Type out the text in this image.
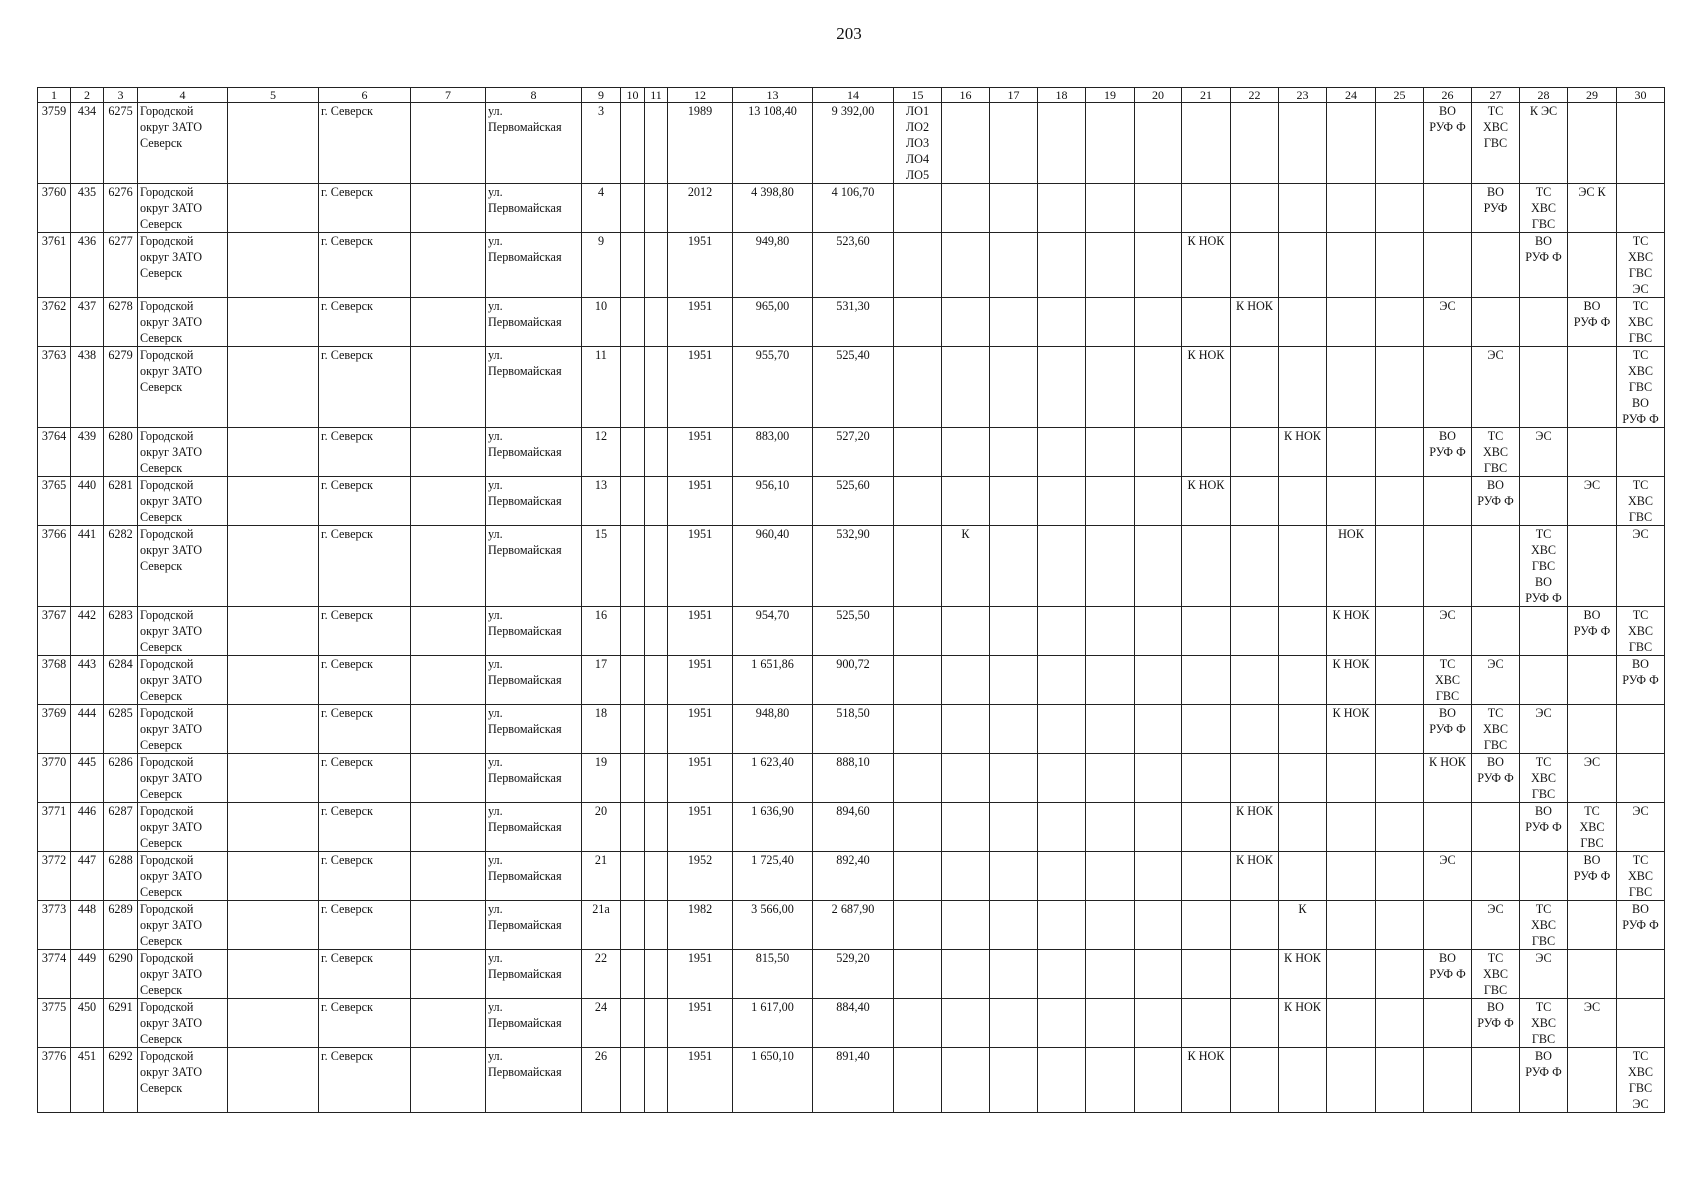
203
1	2	3	4	5	6	7	8	9	10	11	12	13	14	15	16	17	18	19	20	21	22	23	24	25	26	27	28	29	30
3759	434	6275	Городской
округ ЗАТО
Северск		г. Северск		ул.
Первомайская	3			1989	13 108,40	9 392,00	ЛО1
ЛО2
ЛО3
ЛО4
ЛО5											ВО
РУФ Ф	ТС
ХВС
ГВС	К ЭС		
3760	435	6276	Городской
округ ЗАТО
Северск		г. Северск		ул.
Первомайская	4			2012	4 398,80	4 106,70													ВО
РУФ	ТС
ХВС
ГВС	ЭС К	
3761	436	6277	Городской
округ ЗАТО
Северск		г. Северск		ул.
Первомайская	9			1951	949,80	523,60							К НОК							ВО
РУФ Ф		ТС
ХВС
ГВС
ЭС
3762	437	6278	Городской
округ ЗАТО
Северск		г. Северск		ул.
Первомайская	10			1951	965,00	531,30								К НОК				ЭС			ВО
РУФ Ф	ТС
ХВС
ГВС
3763	438	6279	Городской
округ ЗАТО
Северск		г. Северск		ул.
Первомайская	11			1951	955,70	525,40							К НОК						ЭС			ТС
ХВС
ГВС
ВО
РУФ Ф
3764	439	6280	Городской
округ ЗАТО
Северск		г. Северск		ул.
Первомайская	12			1951	883,00	527,20									К НОК			ВО
РУФ Ф	ТС
ХВС
ГВС	ЭС		
3765	440	6281	Городской
округ ЗАТО
Северск		г. Северск		ул.
Первомайская	13			1951	956,10	525,60							К НОК						ВО
РУФ Ф		ЭС	ТС
ХВС
ГВС
3766	441	6282	Городской
округ ЗАТО
Северск		г. Северск		ул.
Первомайская	15			1951	960,40	532,90		К								НОК				ТС
ХВС
ГВС
ВО
РУФ Ф		ЭС
3767	442	6283	Городской
округ ЗАТО
Северск		г. Северск		ул.
Первомайская	16			1951	954,70	525,50										К НОК		ЭС			ВО
РУФ Ф	ТС
ХВС
ГВС
3768	443	6284	Городской
округ ЗАТО
Северск		г. Северск		ул.
Первомайская	17			1951	1 651,86	900,72										К НОК		ТС
ХВС
ГВС	ЭС			ВО
РУФ Ф
3769	444	6285	Городской
округ ЗАТО
Северск		г. Северск		ул.
Первомайская	18			1951	948,80	518,50										К НОК		ВО
РУФ Ф	ТС
ХВС
ГВС	ЭС		
3770	445	6286	Городской
округ ЗАТО
Северск		г. Северск		ул.
Первомайская	19			1951	1 623,40	888,10												К НОК	ВО
РУФ Ф	ТС
ХВС
ГВС	ЭС	
3771	446	6287	Городской
округ ЗАТО
Северск		г. Северск		ул.
Первомайская	20			1951	1 636,90	894,60								К НОК						ВО
РУФ Ф	ТС
ХВС
ГВС	ЭС
3772	447	6288	Городской
округ ЗАТО
Северск		г. Северск		ул.
Первомайская	21			1952	1 725,40	892,40								К НОК				ЭС			ВО
РУФ Ф	ТС
ХВС
ГВС
3773	448	6289	Городской
округ ЗАТО
Северск		г. Северск		ул.
Первомайская	21а			1982	3 566,00	2 687,90									К				ЭС	ТС
ХВС
ГВС		ВО
РУФ Ф
3774	449	6290	Городской
округ ЗАТО
Северск		г. Северск		ул.
Первомайская	22			1951	815,50	529,20									К НОК			ВО
РУФ Ф	ТС
ХВС
ГВС	ЭС		
3775	450	6291	Городской
округ ЗАТО
Северск		г. Северск		ул.
Первомайская	24			1951	1 617,00	884,40									К НОК				ВО
РУФ Ф	ТС
ХВС
ГВС	ЭС	
3776	451	6292	Городской
округ ЗАТО
Северск		г. Северск		ул.
Первомайская	26			1951	1 650,10	891,40							К НОК							ВО
РУФ Ф		ТС
ХВС
ГВС
ЭС
